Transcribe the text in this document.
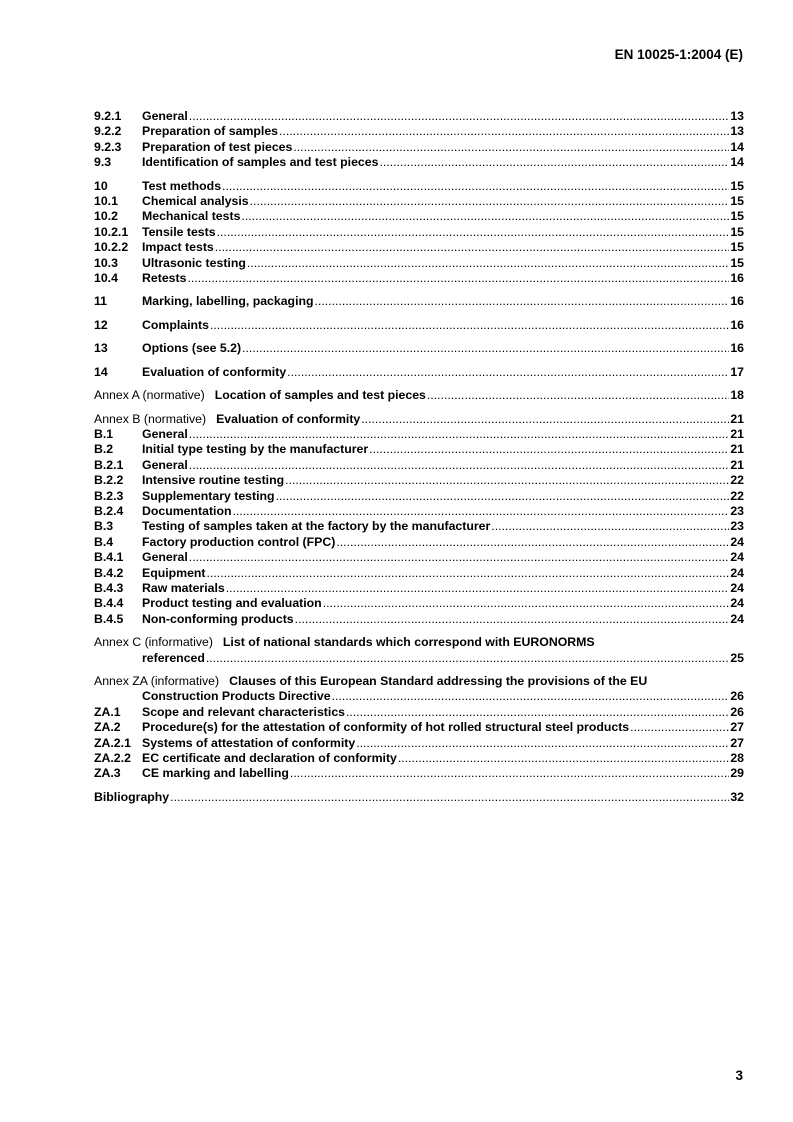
EN 10025-1:2004 (E)
9.2.1	General .....	13
9.2.2	Preparation of samples .....	13
9.2.3	Preparation of test pieces .....	14
9.3	Identification of samples and test pieces .....	14
10	Test methods .....	15
10.1	Chemical analysis .....	15
10.2	Mechanical tests .....	15
10.2.1	Tensile tests .....	15
10.2.2	Impact tests .....	15
10.3	Ultrasonic testing .....	15
10.4	Retests .....	16
11	Marking, labelling, packaging .....	16
12	Complaints .....	16
13	Options (see 5.2) .....	16
14	Evaluation of conformity .....	17
Annex A (normative) Location of samples and test pieces .....	18
Annex B (normative) Evaluation of conformity .....	21
B.1	General .....	21
B.2	Initial type testing by the manufacturer .....	21
B.2.1	General .....	21
B.2.2	Intensive routine testing .....	22
B.2.3	Supplementary testing .....	22
B.2.4	Documentation .....	23
B.3	Testing of samples taken at the factory by the manufacturer .....	23
B.4	Factory production control (FPC) .....	24
B.4.1	General .....	24
B.4.2	Equipment .....	24
B.4.3	Raw materials .....	24
B.4.4	Product testing and evaluation .....	24
B.4.5	Non-conforming products .....	24
Annex C (informative) List of national standards which correspond with EURONORMS
referenced .....	25
Annex ZA (informative) Clauses of this European Standard addressing the provisions of the EU
Construction Products Directive .....	26
ZA.1	Scope and relevant characteristics .....	26
ZA.2	Procedure(s) for the attestation of conformity of hot rolled structural steel products .....	27
ZA.2.1 Systems of attestation of conformity .....	27
ZA.2.2 EC certificate and declaration of conformity .....	28
ZA.3	CE marking and labelling .....	29
Bibliography .....	32
3
